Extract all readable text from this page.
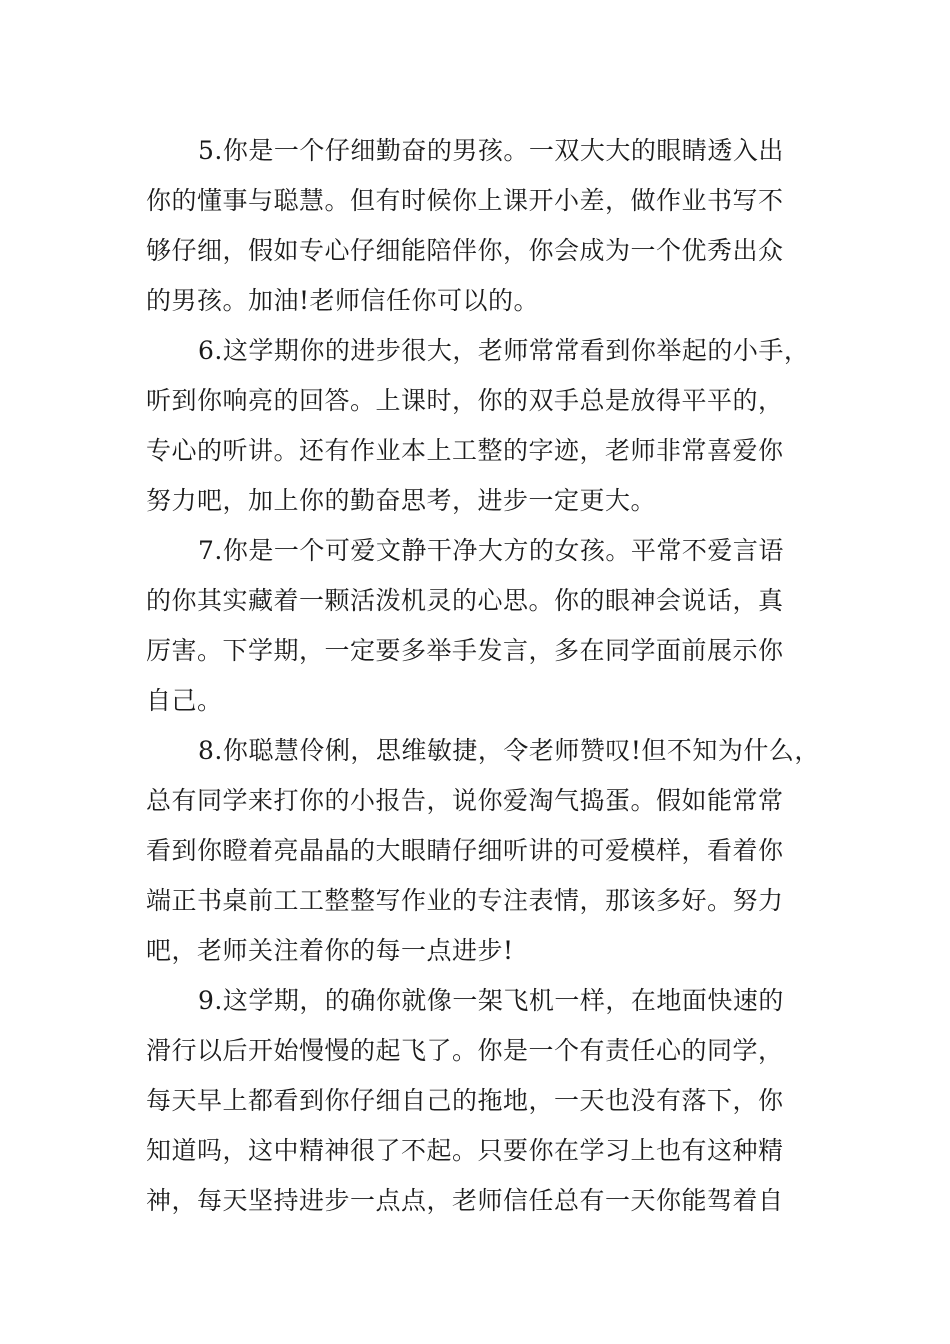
5.你是一个仔细勤奋的男孩。一双大大的眼睛透入出
你的懂事与聪慧。但有时候你上课开小差，做作业书写不
够仔细，假如专心仔细能陪伴你，你会成为一个优秀出众
的男孩。加油!老师信任你可以的。
6.这学期你的进步很大，老师常常看到你举起的小手，
听到你响亮的回答。上课时，你的双手总是放得平平的，
专心的听讲。还有作业本上工整的字迹，老师非常喜爱你
努力吧，加上你的勤奋思考，进步一定更大。
7.你是一个可爱文静干净大方的女孩。平常不爱言语
的你其实藏着一颗活泼机灵的心思。你的眼神会说话，真
厉害。下学期，一定要多举手发言，多在同学面前展示你
自己。
8.你聪慧伶俐，思维敏捷，令老师赞叹!但不知为什么，
总有同学来打你的小报告，说你爱淘气捣蛋。假如能常常
看到你瞪着亮晶晶的大眼睛仔细听讲的可爱模样，看着你
端正书桌前工工整整写作业的专注表情，那该多好。努力
吧，老师关注着你的每一点进步!
9.这学期，的确你就像一架飞机一样，在地面快速的
滑行以后开始慢慢的起飞了。你是一个有责任心的同学，
每天早上都看到你仔细自己的拖地，一天也没有落下，你
知道吗，这中精神很了不起。只要你在学习上也有这种精
神，每天坚持进步一点点，老师信任总有一天你能驾着自
